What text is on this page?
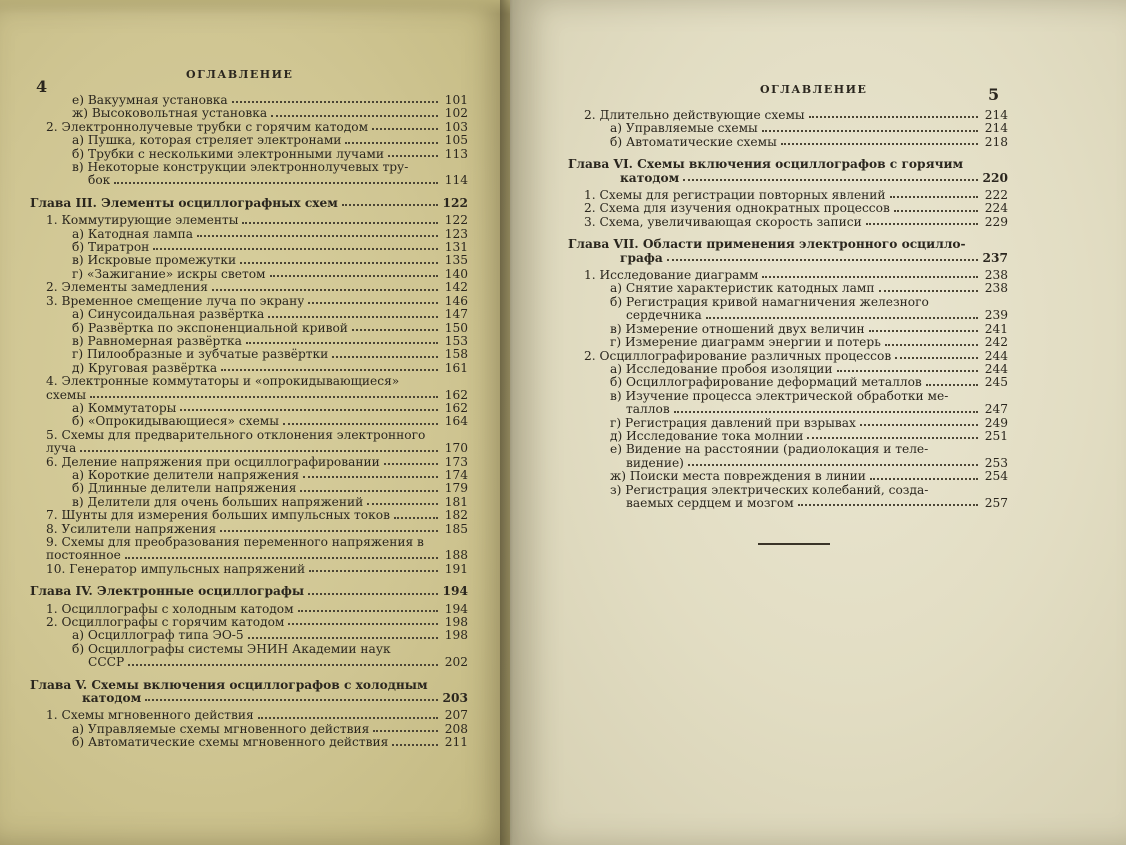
4
ОГЛАВЛЕНИЕ
е) Вакуумная установка	101
ж) Высоковольтная установка	102
2. Электроннолучевые трубки с горячим катодом	103
а) Пушка, которая стреляет электронами	105
б) Трубки с несколькими электронными лучами	113
в) Некоторые конструкции электроннолучевых тру-
бок	114
Глава III. Элементы осциллографных схем	122
1. Коммутирующие элементы	122
а) Катодная лампа	123
б) Тиратрон	131
в) Искровые промежутки	135
г) «Зажигание» искры светом	140
2. Элементы замедления	142
3. Временное смещение луча по экрану	146
а) Синусоидальная развёртка	147
б) Развёртка по экспоненциальной кривой	150
в) Равномерная развёртка	153
г) Пилообразные и зубчатые развёртки	158
д) Круговая развёртка	161
4. Электронные коммутаторы и «опрокидывающиеся»
схемы	162
а) Коммутаторы	162
б) «Опрокидывающиеся» схемы	164
5. Схемы для предварительного отклонения электронного
луча	170
6. Деление напряжения при осциллографировании	173
а) Короткие делители напряжения	174
б) Длинные делители напряжения	179
в) Делители для очень больших напряжений	181
7. Шунты для измерения больших импульсных токов	182
8. Усилители напряжения	185
9. Схемы для преобразования переменного напряжения в
постоянное	188
10. Генератор импульсных напряжений	191
Глава IV. Электронные осциллографы	194
1. Осциллографы с холодным катодом	194
2. Осциллографы с горячим катодом	198
а) Осциллограф типа ЭО-5	198
б) Осциллографы системы ЭНИН Академии наук
СССР	202
Глава V. Схемы включения осциллографов с холодным
катодом	203
1. Схемы мгновенного действия	207
а) Управляемые схемы мгновенного действия	208
б) Автоматические схемы мгновенного действия	211
ОГЛАВЛЕНИЕ	5
2. Длительно действующие схемы	214
а) Управляемые схемы	214
б) Автоматические схемы	218
Глава VI. Схемы включения осциллографов с горячим
катодом	220
1. Схемы для регистрации повторных явлений	222
2. Схема для изучения однократных процессов	224
3. Схема, увеличивающая скорость записи	229
Глава VII. Области применения электронного осцилло-
графа	237
1. Исследование диаграмм	238
а) Снятие характеристик катодных ламп	238
б) Регистрация кривой намагничения железного
сердечника	239
в) Измерение отношений двух величин	241
г) Измерение диаграмм энергии и потерь	242
2. Осциллографирование различных процессов	244
а) Исследование пробоя изоляции	244
б) Осциллографирование деформаций металлов	245
в) Изучение процесса электрической обработки ме-
таллов	247
г) Регистрация давлений при взрывах	249
д) Исследование тока молнии	251
е) Видение на расстоянии (радиолокация и теле-
видение)	253
ж) Поиски места повреждения в линии	254
з) Регистрация электрических колебаний, созда-
ваемых сердцем и мозгом	257
